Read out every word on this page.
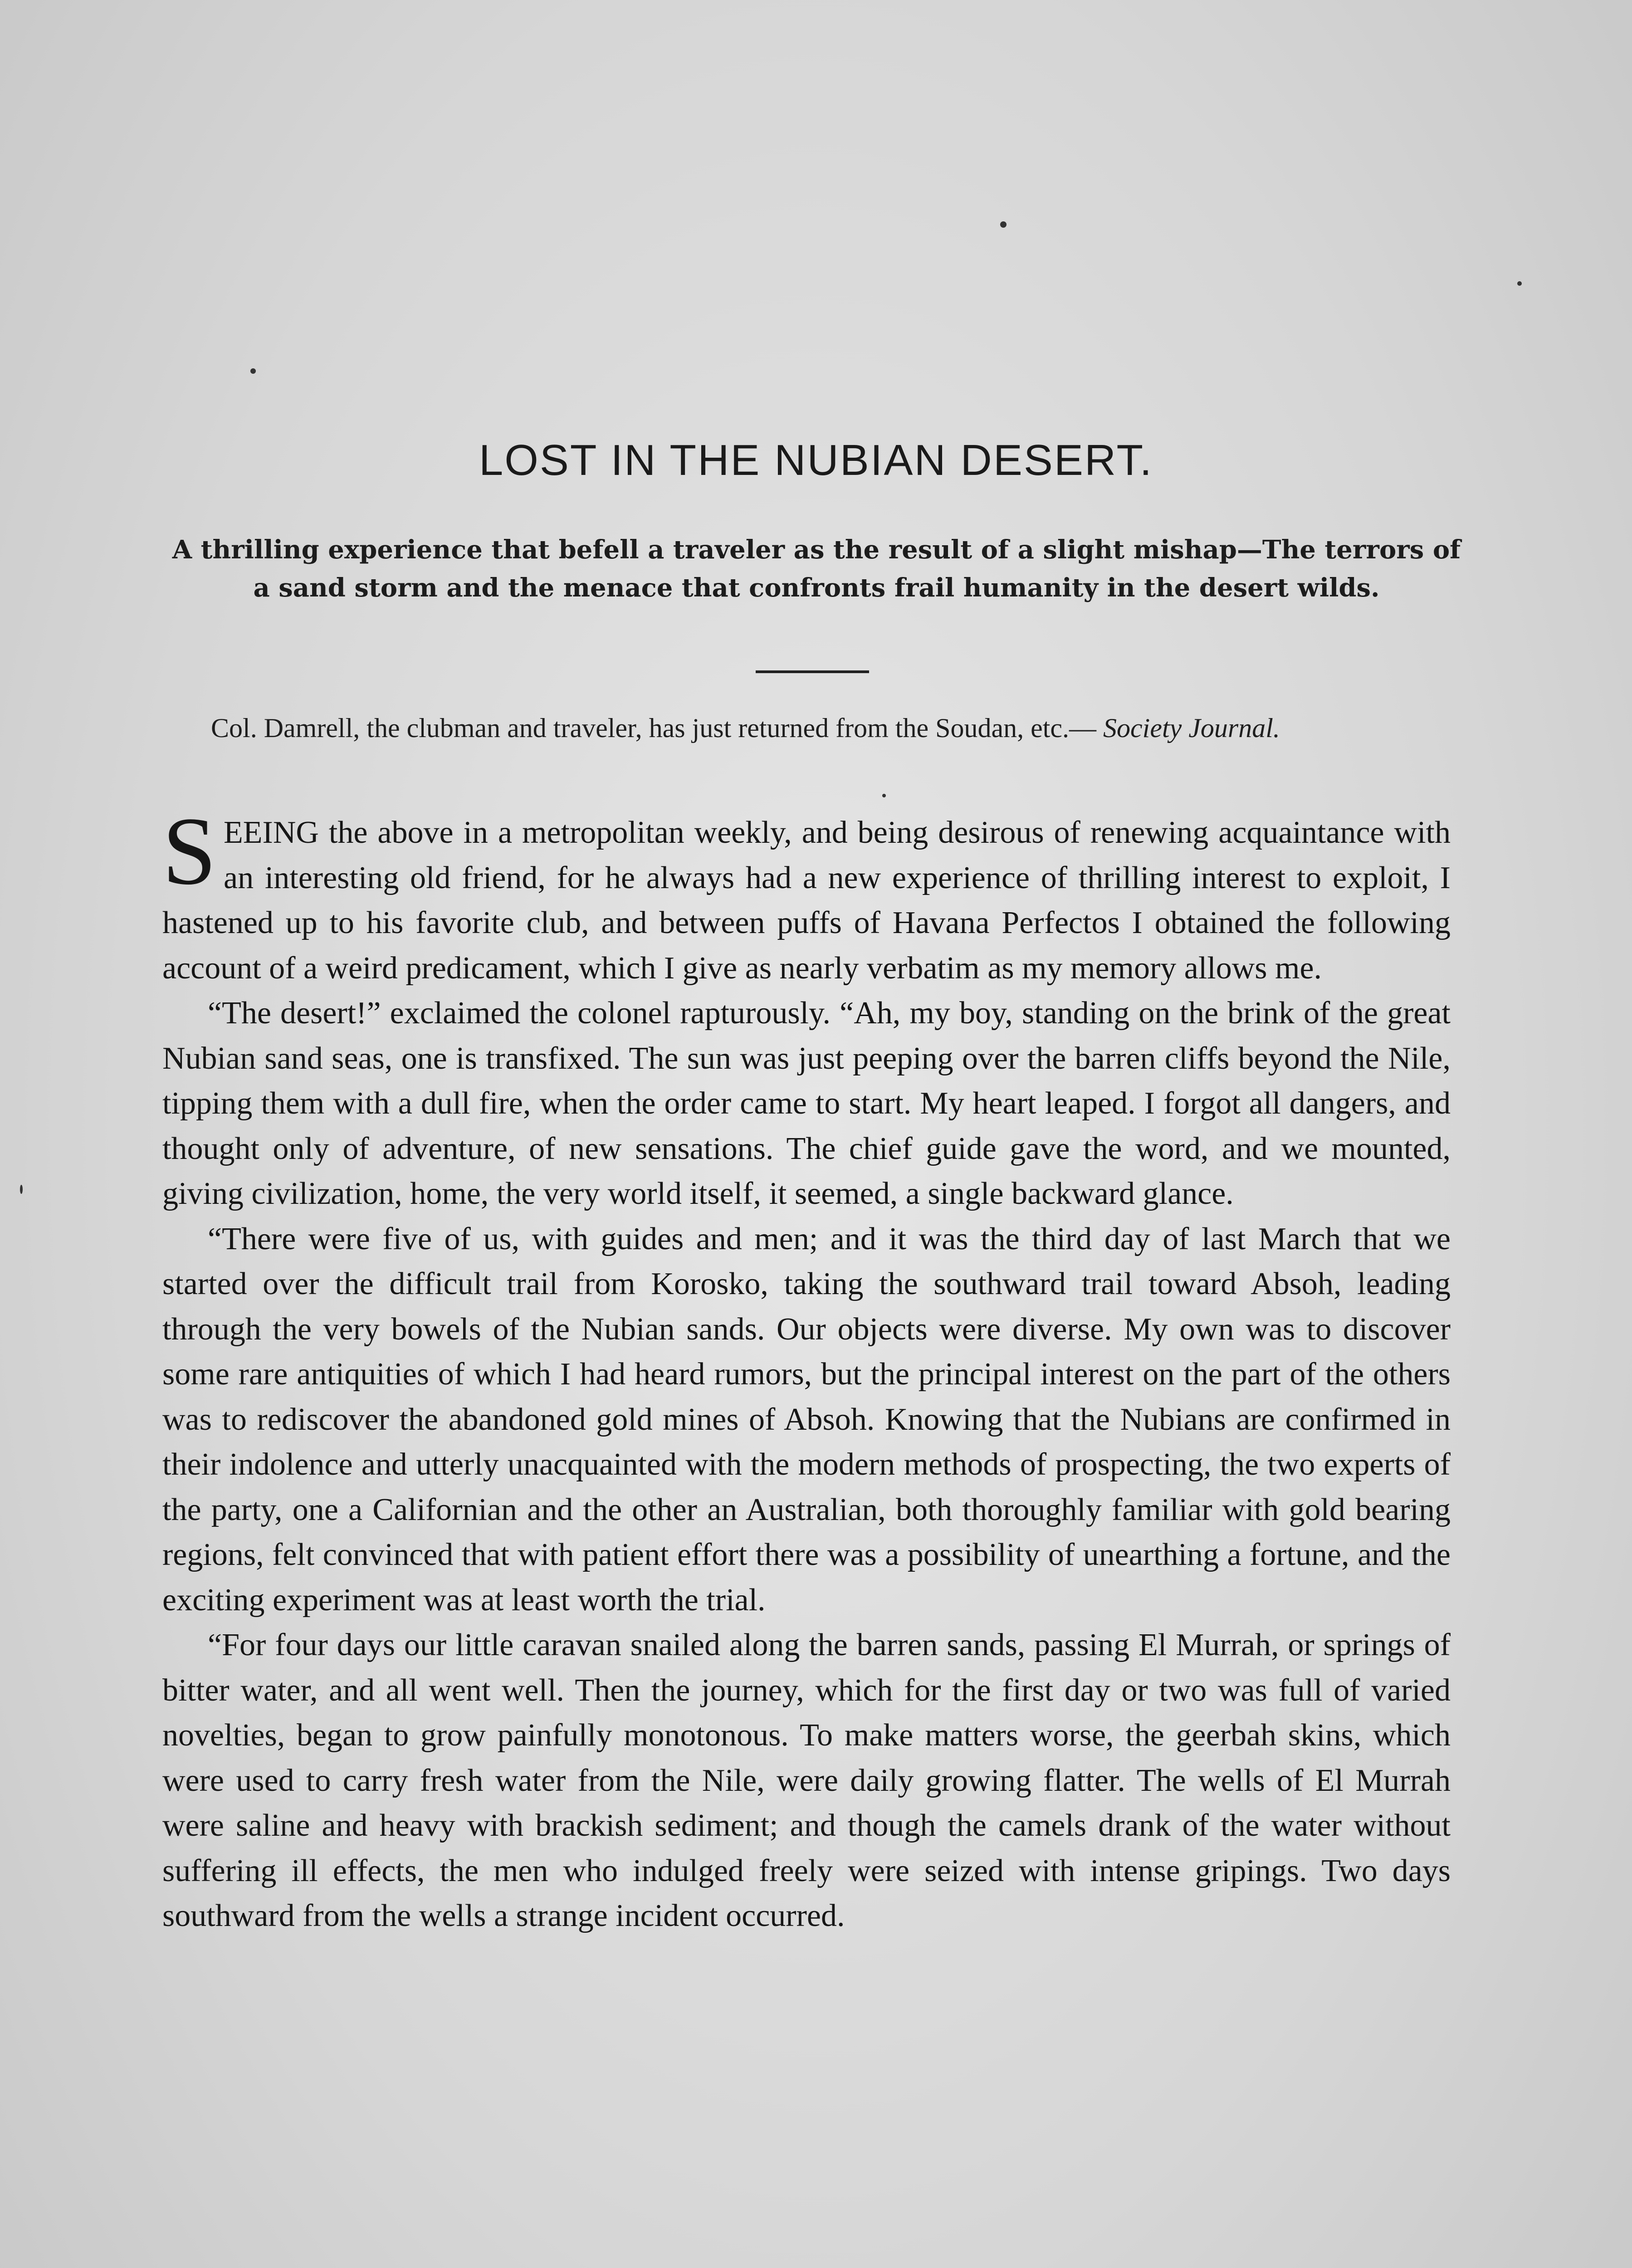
LOST IN THE NUBIAN DESERT.

A thrilling experience that befell a traveler as the result of a slight mishap—The terrors of a sand storm and the menace that confronts frail humanity in the desert wilds.

Col. Damrell, the clubman and traveler, has just returned from the Soudan, etc.— Society Journal.

SEEING the above in a metropolitan weekly, and being desirous of renewing acquaintance with an interesting old friend, for he always had a new experience of thrilling interest to exploit, I hastened up to his favorite club, and between puffs of Havana Perfectos I obtained the following account of a weird predicament, which I give as nearly verbatim as my memory allows me.

“The desert!” exclaimed the colonel rapturously. “Ah, my boy, standing on the brink of the great Nubian sand seas, one is transfixed. The sun was just peeping over the barren cliffs beyond the Nile, tipping them with a dull fire, when the order came to start. My heart leaped. I forgot all dangers, and thought only of adventure, of new sensations. The chief guide gave the word, and we mounted, giving civilization, home, the very world itself, it seemed, a single backward glance.

“There were five of us, with guides and men; and it was the third day of last March that we started over the difficult trail from Korosko, taking the southward trail toward Absoh, leading through the very bowels of the Nubian sands. Our objects were diverse. My own was to discover some rare antiquities of which I had heard rumors, but the principal interest on the part of the others was to rediscover the abandoned gold mines of Absoh. Knowing that the Nubians are confirmed in their indolence and utterly unacquainted with the modern methods of prospecting, the two experts of the party, one a Californian and the other an Australian, both thoroughly familiar with gold bearing regions, felt convinced that with patient effort there was a possibility of unearthing a fortune, and the exciting experiment was at least worth the trial.

“For four days our little caravan snailed along the barren sands, passing El Murrah, or springs of bitter water, and all went well. Then the journey, which for the first day or two was full of varied novelties, began to grow painfully monotonous. To make matters worse, the geerbah skins, which were used to carry fresh water from the Nile, were daily growing flatter. The wells of El Murrah were saline and heavy with brackish sediment; and though the camels drank of the water without suffering ill effects, the men who indulged freely were seized with intense gripings. Two days southward from the wells a strange incident occurred.
